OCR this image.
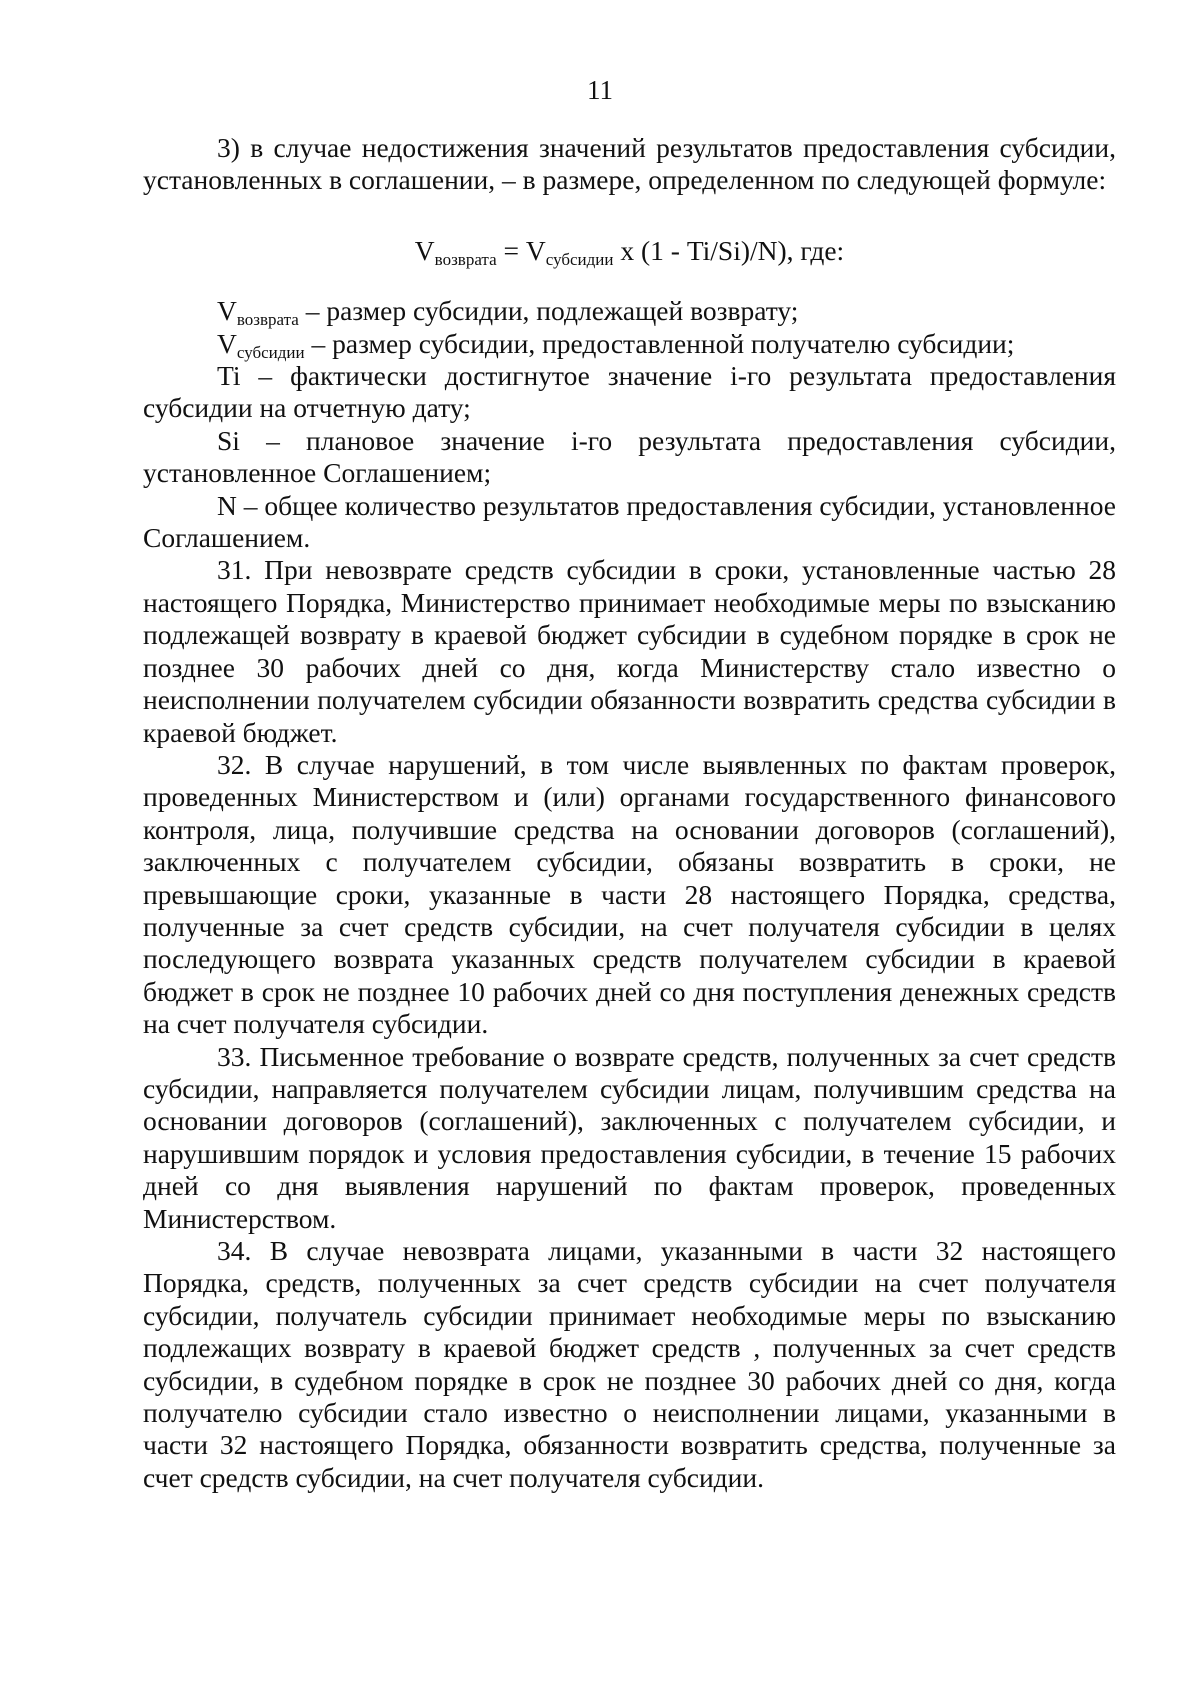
11

3) в случае недостижения значений результатов предоставления субсидии, установленных в соглашении, – в размере, определенном по следующей формуле:

$V_{возврата} = V_{субсидии}$ х (1 - Ti/Si)/N), где:

$V_{возврата}$ – размер субсидии, подлежащей возврату;

$V_{субсидии}$ – размер субсидии, предоставленной получателю субсидии;

Ti – фактически достигнутое значение i-го результата предоставления субсидии на отчетную дату;

Si – плановое значение i-го результата предоставления субсидии, установленное Соглашением;

N – общее количество результатов предоставления субсидии, установленное Соглашением.

31. При невозврате средств субсидии в сроки, установленные частью 28 настоящего Порядка, Министерство принимает необходимые меры по взысканию подлежащей возврату в краевой бюджет субсидии в судебном порядке в срок не позднее 30 рабочих дней со дня, когда Министерству стало известно о неисполнении получателем субсидии обязанности возвратить средства субсидии в краевой бюджет.

32. В случае нарушений, в том числе выявленных по фактам проверок, проведенных Министерством и (или) органами государственного финансового контроля, лица, получившие средства на основании договоров (соглашений), заключенных с получателем субсидии, обязаны возвратить в сроки, не превышающие сроки, указанные в части 28 настоящего Порядка, средства, полученные за счет средств субсидии, на счет получателя субсидии в целях последующего возврата указанных средств получателем субсидии в краевой бюджет в срок не позднее 10 рабочих дней со дня поступления денежных средств на счет получателя субсидии.

33. Письменное требование о возврате средств, полученных за счет средств субсидии, направляется получателем субсидии лицам, получившим средства на основании договоров (соглашений), заключенных с получателем субсидии, и нарушившим порядок и условия предоставления субсидии, в течение 15 рабочих дней со дня выявления нарушений по фактам проверок, проведенных Министерством.

34. В случае невозврата лицами, указанными в части 32 настоящего Порядка, средств, полученных за счет средств субсидии на счет получателя субсидии, получатель субсидии принимает необходимые меры по взысканию подлежащих возврату в краевой бюджет средств , полученных за счет средств субсидии, в судебном порядке в срок не позднее 30 рабочих дней со дня, когда получателю субсидии стало известно о неисполнении лицами, указанными в части 32 настоящего Порядка, обязанности возвратить средства, полученные за счет средств субсидии, на счет получателя субсидии.
